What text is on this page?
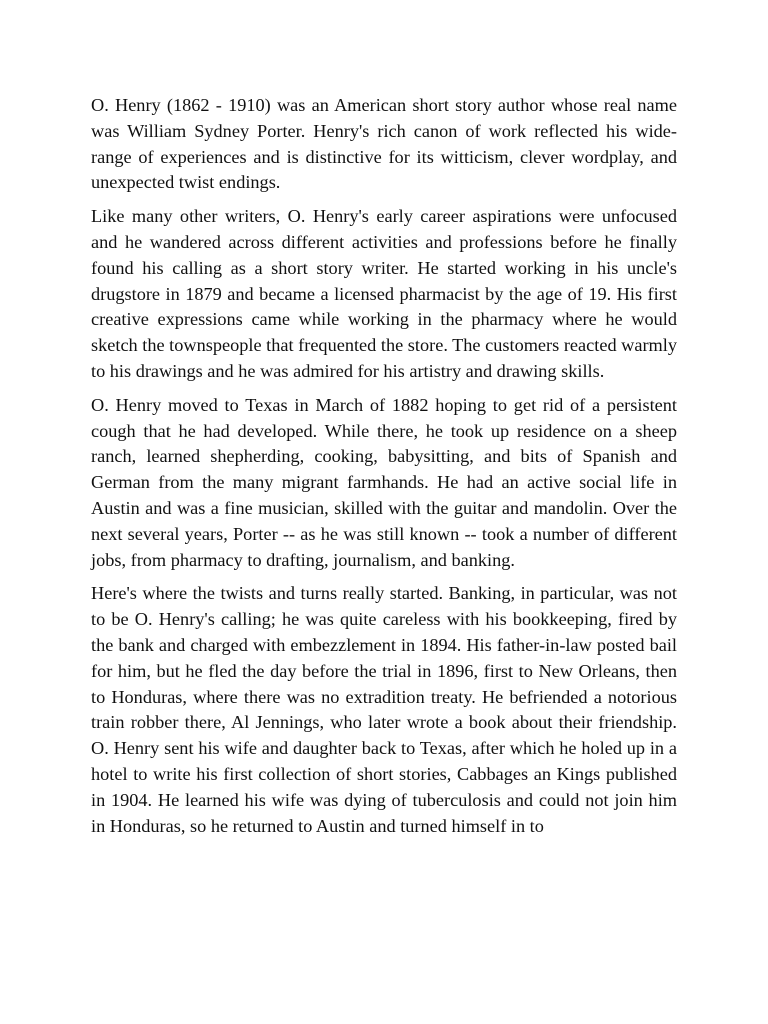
O. Henry (1862 - 1910) was an American short story author whose real name was William Sydney Porter. Henry's rich canon of work reflected his wide-range of experiences and is distinctive for its witticism, clever wordplay, and unexpected twist endings.

Like many other writers, O. Henry's early career aspirations were unfocused and he wandered across different activities and professions before he finally found his calling as a short story writer. He started working in his uncle's drugstore in 1879 and became a licensed pharmacist by the age of 19. His first creative expressions came while working in the pharmacy where he would sketch the townspeople that frequented the store. The customers reacted warmly to his drawings and he was admired for his artistry and drawing skills.

O. Henry moved to Texas in March of 1882 hoping to get rid of a persistent cough that he had developed. While there, he took up residence on a sheep ranch, learned shepherding, cooking, babysitting, and bits of Spanish and German from the many migrant farmhands. He had an active social life in Austin and was a fine musician, skilled with the guitar and mandolin. Over the next several years, Porter -- as he was still known -- took a number of different jobs, from pharmacy to drafting, journalism, and banking.

Here's where the twists and turns really started. Banking, in particular, was not to be O. Henry's calling; he was quite careless with his bookkeeping, fired by the bank and charged with embezzlement in 1894. His father-in-law posted bail for him, but he fled the day before the trial in 1896, first to New Orleans, then to Honduras, where there was no extradition treaty. He befriended a notorious train robber there, Al Jennings, who later wrote a book about their friendship. O. Henry sent his wife and daughter back to Texas, after which he holed up in a hotel to write his first collection of short stories, Cabbages an Kings published in 1904. He learned his wife was dying of tuberculosis and could not join him in Honduras, so he returned to Austin and turned himself in to
